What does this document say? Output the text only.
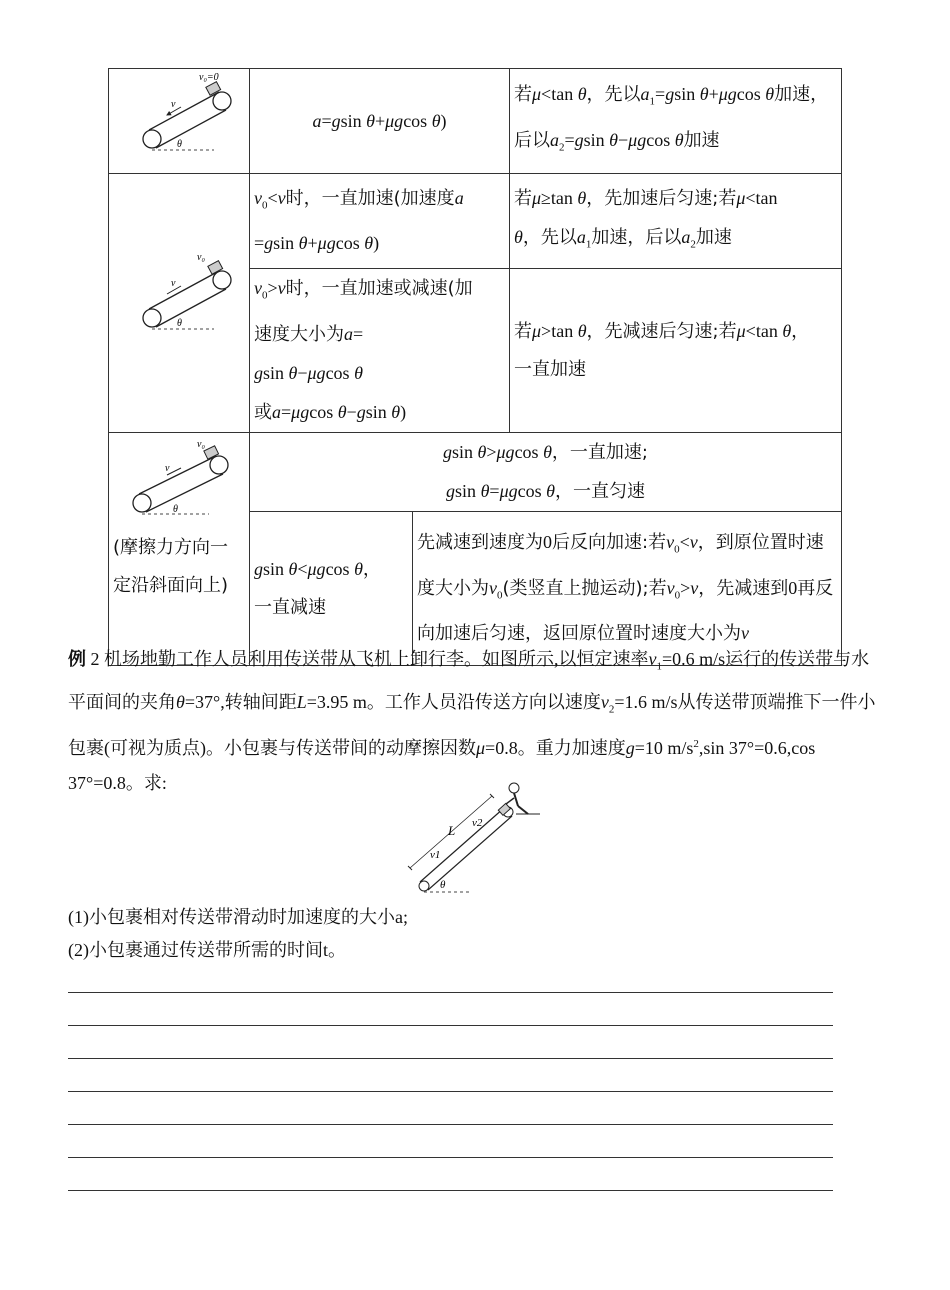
v
θ
v₀=0	a=gsin θ+μgcos θ)		若μ<tan θ，先以$a_1=gsin$ θ+μgcos θ加速，后以$a_2=gsin$ θ−μgcos θ加速

v
θ
v₀	$v_0<v$时，一直加速(加速度a
=gsin θ+μgcos θ)		若μ≥tan θ，先加速后匀速;若μ<tan
θ，先以$a_1$加速，后以$a_2$加速
	$v_0>v$时，一直加速或减速(加
速度大小为a=
gsin θ−μgcos θ
或a=μgcos θ−gsin θ)		若μ>tan θ，先减速后匀速;若μ<tan θ，
一直加速

v
θ
v₀
(摩擦力方向一定沿斜面向上)	gsin θ>μgcos θ，一直加速;
gsin θ=μgcos θ，一直匀速		
	gsin θ<μgcos θ，
一直减速	先减速到速度为0后反向加速:若$v_0<v$，到原位置时速度大小为$v_0$(类竖直上抛运动);若$v_0>v$，先减速到0再反向加速后匀速，返回原位置时速度大小为v	
例 2 机场地勤工作人员利用传送带从飞机上卸行李。如图所示,以恒定速率$v_1=0.6$ m/s运行的传送带与水平面间的夹角θ=37°,转轴间距L=3.95 m。工作人员沿传送方向以速度$v_2=1.6$ m/s从传送带顶端推下一件小包裹(可视为质点)。小包裹与传送带间的动摩擦因数μ=0.8。重力加速度g=10 $m/s^2,\sin$ 37°=0.6,cos 37°=0.8。求:
L v2
v1
θ
(1)小包裹相对传送带滑动时加速度的大小a;
(2)小包裹通过传送带所需的时间t。
